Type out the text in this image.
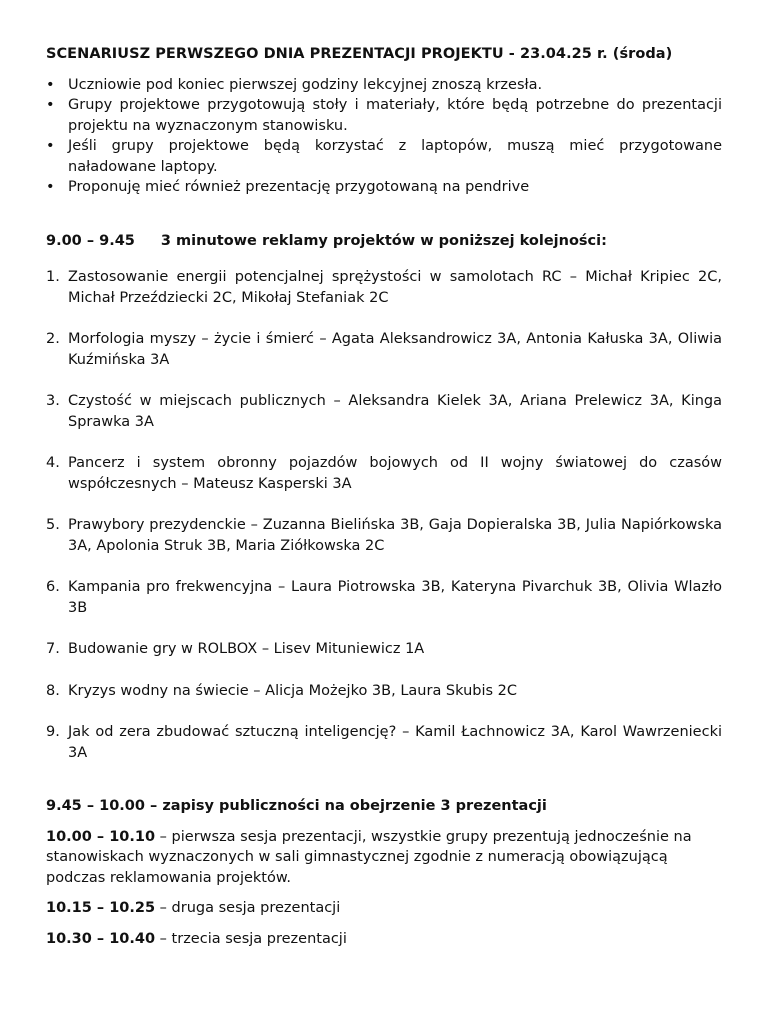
SCENARIUSZ PERWSZEGO DNIA PREZENTACJI PROJEKTU - 23.04.25 r. (środa)
• Uczniowie pod koniec pierwszej godziny lekcyjnej znoszą krzesła.
• Grupy projektowe przygotowują stoły i materiały, które będą potrzebne do prezentacji projektu na wyznaczonym stanowisku.
• Jeśli grupy projektowe będą korzystać z laptopów, muszą mieć przygotowane naładowane laptopy.
• Proponuję mieć również prezentację przygotowaną na pendrive
9.00 – 9.45 3 minutowe reklamy projektów w poniższej kolejności:
1. Zastosowanie energii potencjalnej sprężystości w samolotach RC – Michał Kripiec 2C, Michał Przeździecki 2C, Mikołaj Stefaniak 2C
2. Morfologia myszy – życie i śmierć – Agata Aleksandrowicz 3A, Antonia Kałuska 3A, Oliwia Kuźmińska 3A
3. Czystość w miejscach publicznych – Aleksandra Kielek 3A, Ariana Prelewicz 3A, Kinga Sprawka 3A
4. Pancerz i system obronny pojazdów bojowych od II wojny światowej do czasów współczesnych – Mateusz Kasperski 3A
5. Prawybory prezydenckie – Zuzanna Bielińska 3B, Gaja Dopieralska 3B, Julia Napiórkowska 3A, Apolonia Struk 3B, Maria Ziółkowska 2C
6. Kampania pro frekwencyjna – Laura Piotrowska 3B, Kateryna Pivarchuk 3B, Olivia Wlazło 3B
7. Budowanie gry w ROLBOX – Lisev Mituniewicz 1A
8. Kryzys wodny na świecie – Alicja Możejko 3B, Laura Skubis 2C
9. Jak od zera zbudować sztuczną inteligencję? – Kamil Łachnowicz 3A, Karol Wawrzeniecki 3A
9.45 – 10.00 – zapisy publiczności na obejrzenie 3 prezentacji
10.00 – 10.10 – pierwsza sesja prezentacji, wszystkie grupy prezentują jednocześnie na stanowiskach wyznaczonych w sali gimnastycznej zgodnie z numeracją obowiązującą podczas reklamowania projektów.
10.15 – 10.25 – druga sesja prezentacji
10.30 – 10.40 – trzecia sesja prezentacji
